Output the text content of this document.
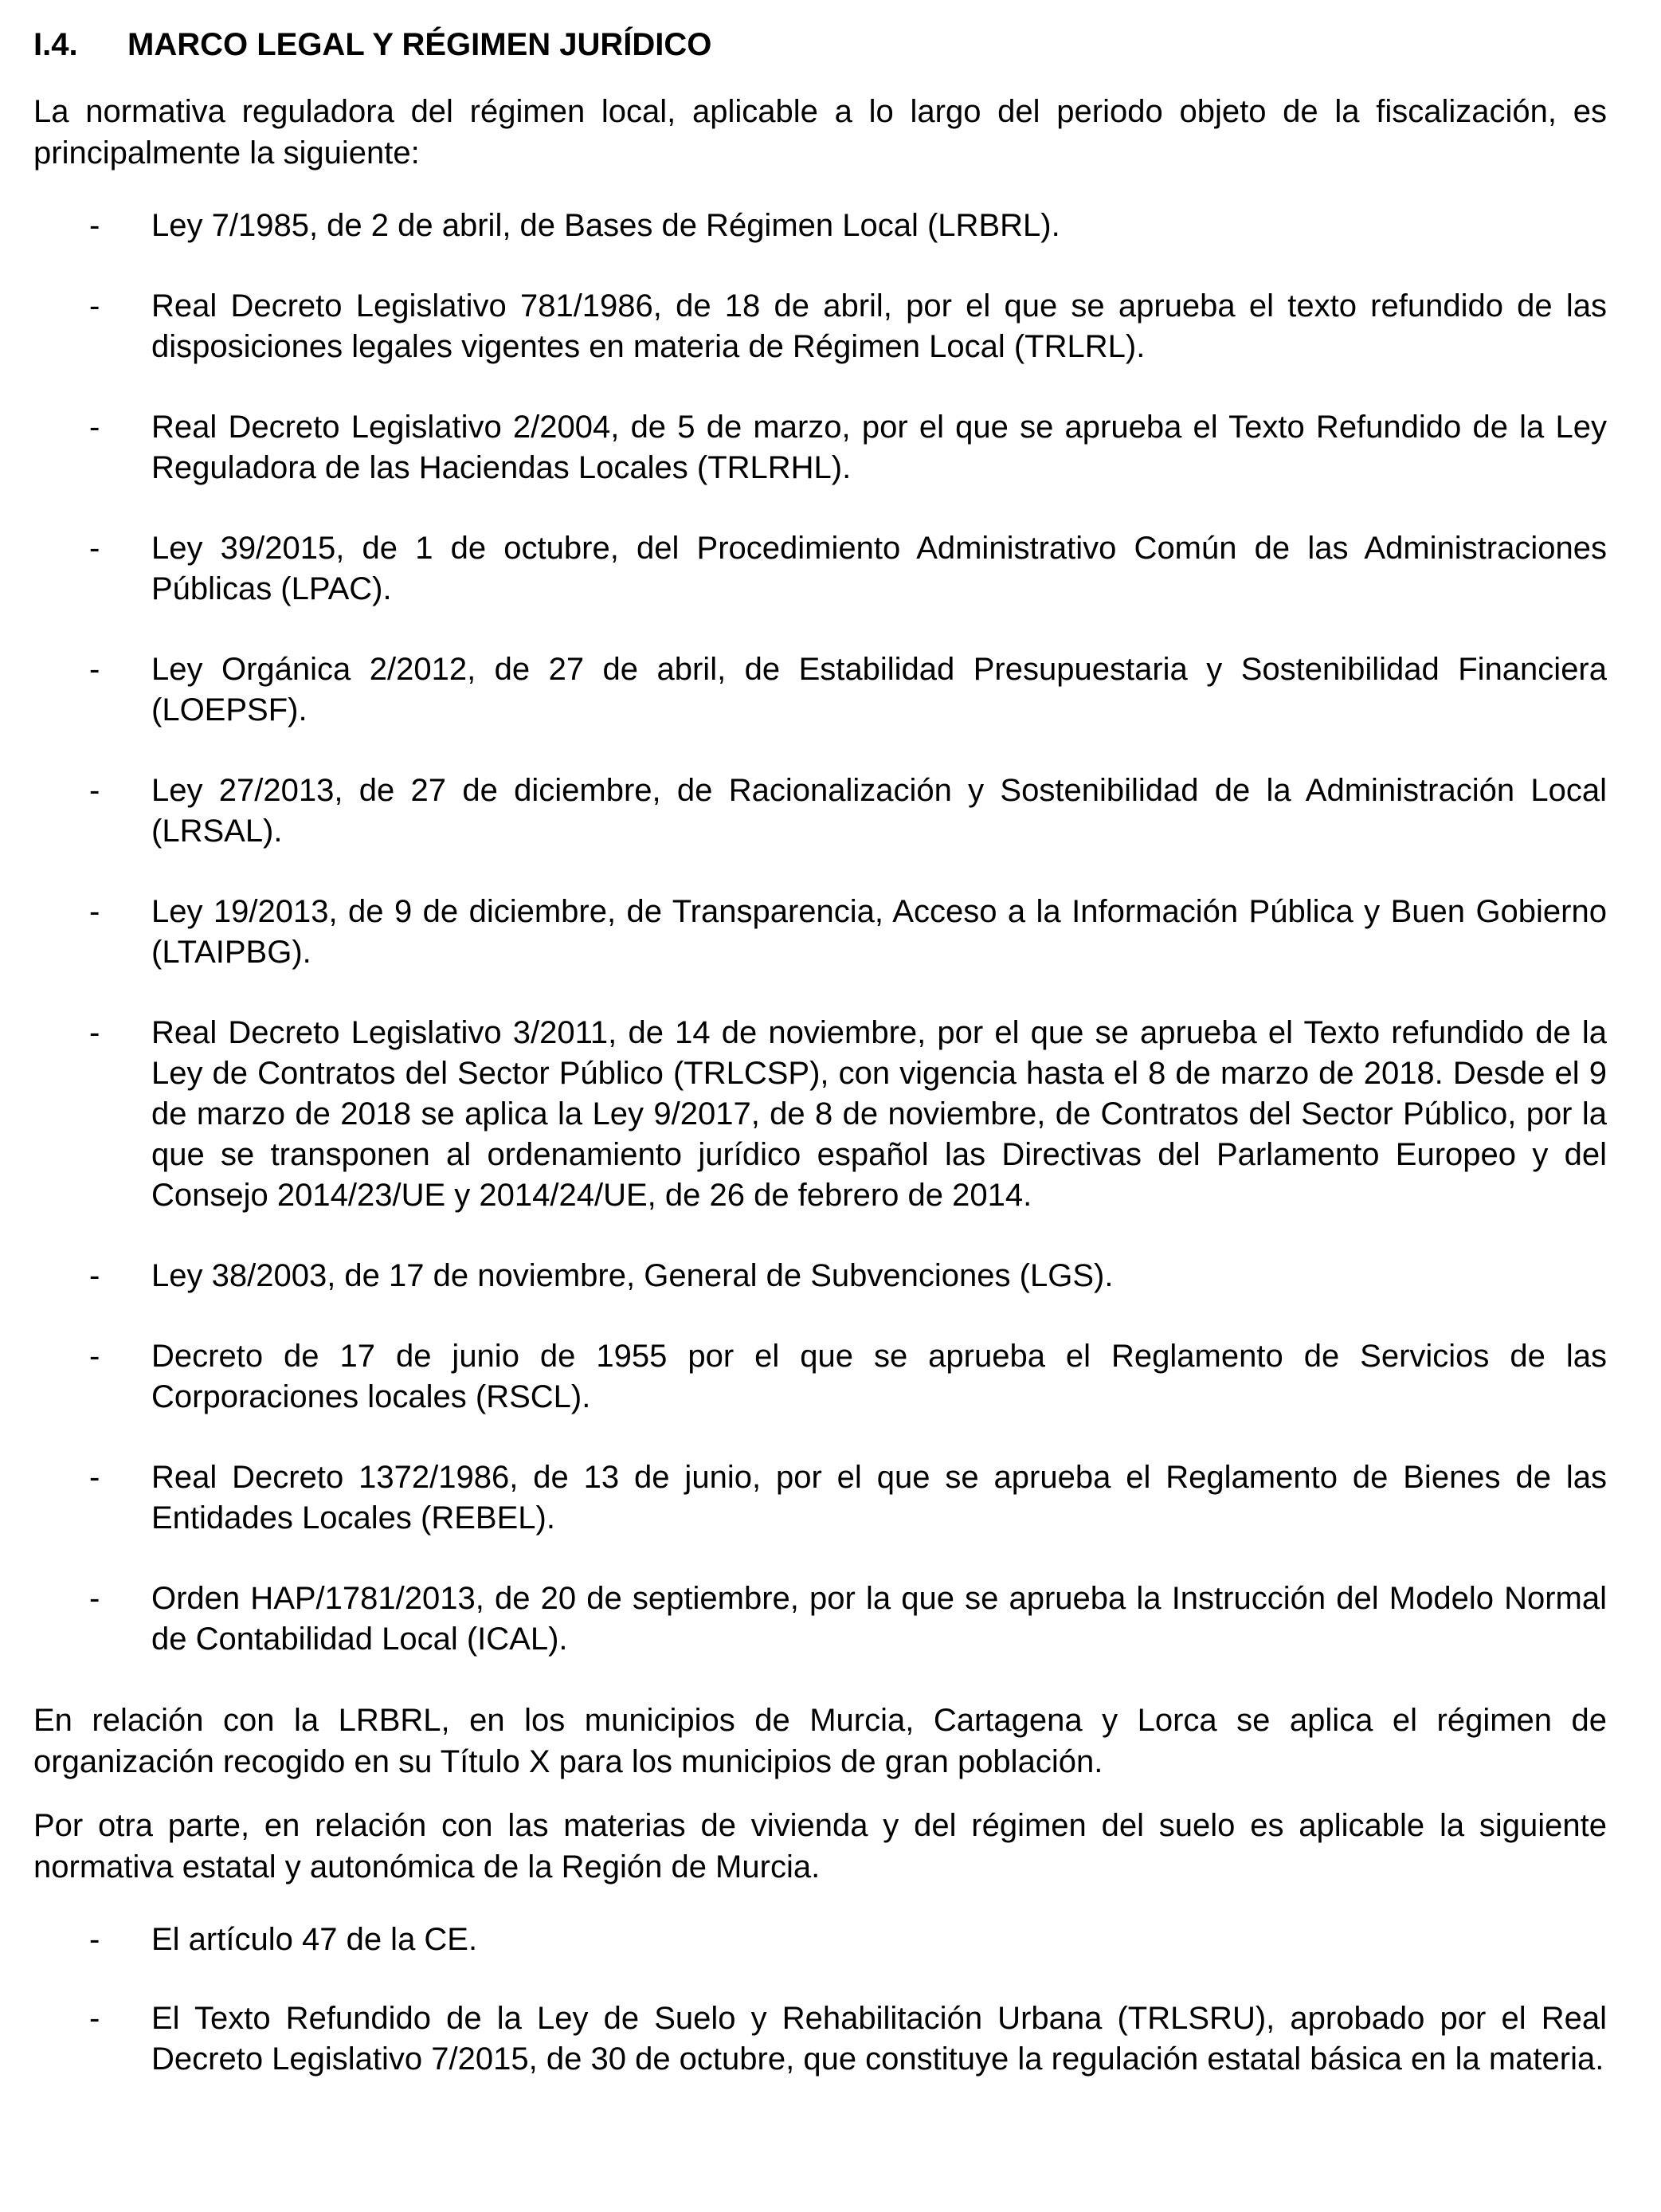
I.4.	MARCO LEGAL Y RÉGIMEN JURÍDICO

La normativa reguladora del régimen local, aplicable a lo largo del periodo objeto de la fiscalización, es principalmente la siguiente:

- Ley 7/1985, de 2 de abril, de Bases de Régimen Local (LRBRL).
- Real Decreto Legislativo 781/1986, de 18 de abril, por el que se aprueba el texto refundido de las disposiciones legales vigentes en materia de Régimen Local (TRLRL).
- Real Decreto Legislativo 2/2004, de 5 de marzo, por el que se aprueba el Texto Refundido de la Ley Reguladora de las Haciendas Locales (TRLRHL).
- Ley 39/2015, de 1 de octubre, del Procedimiento Administrativo Común de las Administraciones Públicas (LPAC).
- Ley Orgánica 2/2012, de 27 de abril, de Estabilidad Presupuestaria y Sostenibilidad Financiera (LOEPSF).
- Ley 27/2013, de 27 de diciembre, de Racionalización y Sostenibilidad de la Administración Local (LRSAL).
- Ley 19/2013, de 9 de diciembre, de Transparencia, Acceso a la Información Pública y Buen Gobierno (LTAIPBG).
- Real Decreto Legislativo 3/2011, de 14 de noviembre, por el que se aprueba el Texto refundido de la Ley de Contratos del Sector Público (TRLCSP), con vigencia hasta el 8 de marzo de 2018. Desde el 9 de marzo de 2018 se aplica la Ley 9/2017, de 8 de noviembre, de Contratos del Sector Público, por la que se transponen al ordenamiento jurídico español las Directivas del Parlamento Europeo y del Consejo 2014/23/UE y 2014/24/UE, de 26 de febrero de 2014.
- Ley 38/2003, de 17 de noviembre, General de Subvenciones (LGS).
- Decreto de 17 de junio de 1955 por el que se aprueba el Reglamento de Servicios de las Corporaciones locales (RSCL).
- Real Decreto 1372/1986, de 13 de junio, por el que se aprueba el Reglamento de Bienes de las Entidades Locales (REBEL).
- Orden HAP/1781/2013, de 20 de septiembre, por la que se aprueba la Instrucción del Modelo Normal de Contabilidad Local (ICAL).

En relación con la LRBRL, en los municipios de Murcia, Cartagena y Lorca se aplica el régimen de organización recogido en su Título X para los municipios de gran población.

Por otra parte, en relación con las materias de vivienda y del régimen del suelo es aplicable la siguiente normativa estatal y autonómica de la Región de Murcia.

- El artículo 47 de la CE.
- El Texto Refundido de la Ley de Suelo y Rehabilitación Urbana (TRLSRU), aprobado por el Real Decreto Legislativo 7/2015, de 30 de octubre, que constituye la regulación estatal básica en la materia.
